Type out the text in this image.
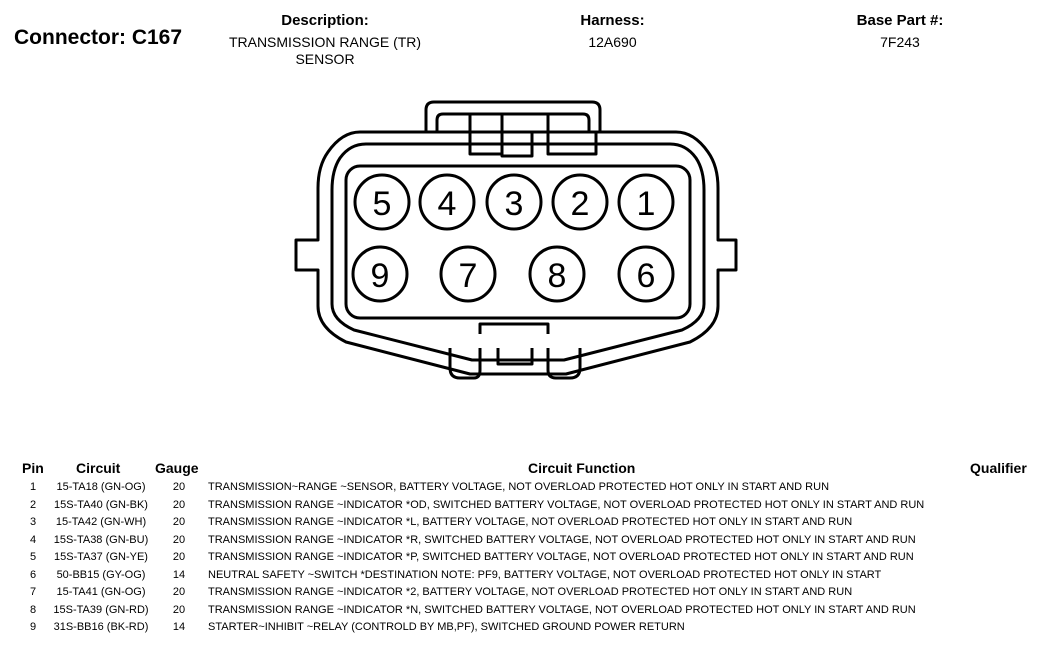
Connector: C167
Description:
TRANSMISSION RANGE (TR) SENSOR
Harness:
12A690
Base Part #:
7F243
5 4 3 2 1
9 7 8 6
Pin Circuit Gauge	Circuit Function	Qualifier
1	15-TA18 (GN-OG)	20	TRANSMISSION~RANGE ~SENSOR, BATTERY VOLTAGE, NOT OVERLOAD PROTECTED HOT ONLY IN START AND RUN
2	15S-TA40 (GN-BK)	20	TRANSMISSION RANGE ~INDICATOR *OD, SWITCHED BATTERY VOLTAGE, NOT OVERLOAD PROTECTED HOT ONLY IN START AND RUN
3	15-TA42 (GN-WH)	20	TRANSMISSION RANGE ~INDICATOR *L, BATTERY VOLTAGE, NOT OVERLOAD PROTECTED HOT ONLY IN START AND RUN
4	15S-TA38 (GN-BU)	20	TRANSMISSION RANGE ~INDICATOR *R, SWITCHED BATTERY VOLTAGE, NOT OVERLOAD PROTECTED HOT ONLY IN START AND RUN
5	15S-TA37 (GN-YE)	20	TRANSMISSION RANGE ~INDICATOR *P, SWITCHED BATTERY VOLTAGE, NOT OVERLOAD PROTECTED HOT ONLY IN START AND RUN
6	50-BB15 (GY-OG)	14	NEUTRAL SAFETY ~SWITCH *DESTINATION NOTE: PF9, BATTERY VOLTAGE, NOT OVERLOAD PROTECTED HOT ONLY IN START
7	15-TA41 (GN-OG)	20	TRANSMISSION RANGE ~INDICATOR *2, BATTERY VOLTAGE, NOT OVERLOAD PROTECTED HOT ONLY IN START AND RUN
8	15S-TA39 (GN-RD)	20	TRANSMISSION RANGE ~INDICATOR *N, SWITCHED BATTERY VOLTAGE, NOT OVERLOAD PROTECTED HOT ONLY IN START AND RUN
9	31S-BB16 (BK-RD)	14	STARTER~INHIBIT ~RELAY (CONTROLD BY MB,PF), SWITCHED GROUND POWER RETURN
